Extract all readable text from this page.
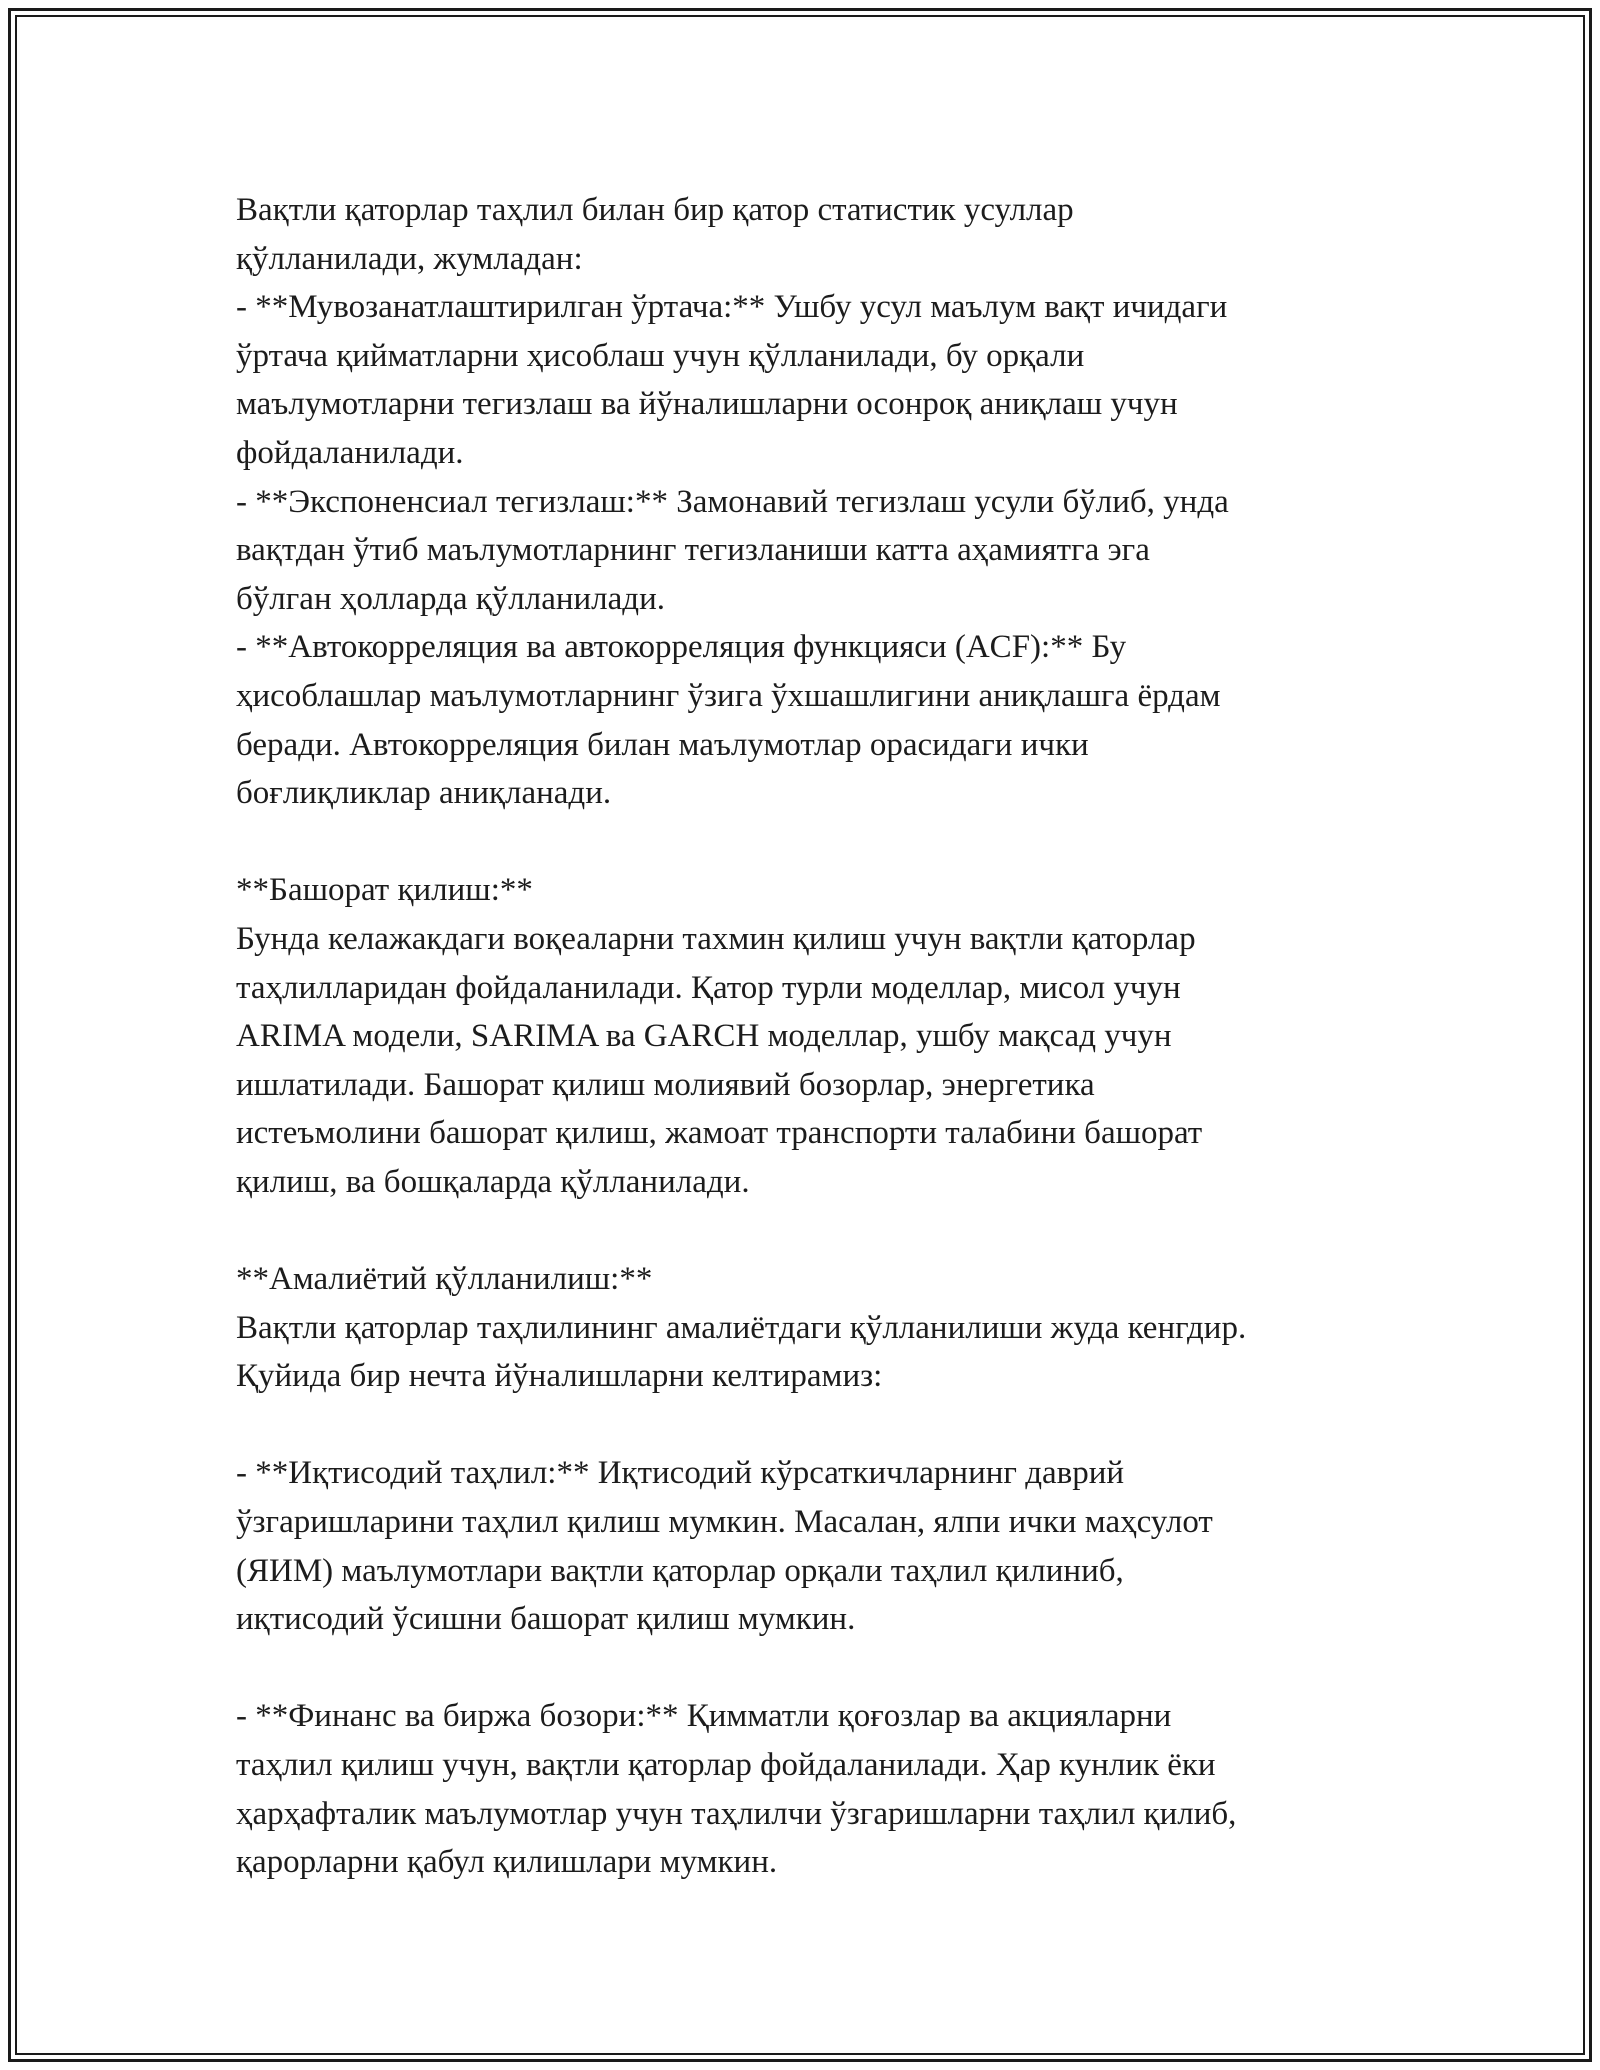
Вақтли қаторлар таҳлил билан бир қатор статистик усуллар
қўлланилади, жумладан:
- **Мувозанатлаштирилган ўртача:** Ушбу усул маълум вақт ичидаги
ўртача қийматларни ҳисоблаш учун қўлланилади, бу орқали
маълумотларни тегизлаш ва йўналишларни осонроқ аниқлаш учун
фойдаланилади.
- **Экспоненсиал тегизлаш:** Замонавий тегизлаш усули бўлиб, унда
вақтдан ўтиб маълумотларнинг тегизланиши катта аҳамиятга эга
бўлган ҳолларда қўлланилади.
- **Автокорреляция ва автокорреляция функцияси (ACF):** Бу
ҳисоблашлар маълумотларнинг ўзига ўхшашлигини аниқлашга ёрдам
беради. Автокорреляция билан маълумотлар орасидаги ички
боғлиқликлар аниқланади.
**Башорат қилиш:**
Бунда келажакдаги воқеаларни тахмин қилиш учун вақтли қаторлар
таҳлилларидан фойдаланилади. Қатор турли моделлар, мисол учун
ARIMA модели, SARIMA ва GARCH моделлар, ушбу мақсад учун
ишлатилади. Башорат қилиш молиявий бозорлар, энергетика
истеъмолини башорат қилиш, жамоат транспорти талабини башорат
қилиш, ва бошқаларда қўлланилади.
**Амалиётий қўлланилиш:**
Вақтли қаторлар таҳлилининг амалиётдаги қўлланилиши жуда кенгдир.
Қуйида бир нечта йўналишларни келтирамиз:
- **Иқтисодий таҳлил:** Иқтисодий кўрсаткичларнинг даврий
ўзгаришларини таҳлил қилиш мумкин. Масалан, ялпи ички маҳсулот
(ЯИМ) маълумотлари вақтли қаторлар орқали таҳлил қилиниб,
иқтисодий ўсишни башорат қилиш мумкин.
- **Финанс ва биржа бозори:** Қимматли қоғозлар ва акцияларни
таҳлил қилиш учун, вақтли қаторлар фойдаланилади. Ҳар кунлик ёки
ҳарҳафталик маълумотлар учун таҳлилчи ўзгаришларни таҳлил қилиб,
қарорларни қабул қилишлари мумкин.
